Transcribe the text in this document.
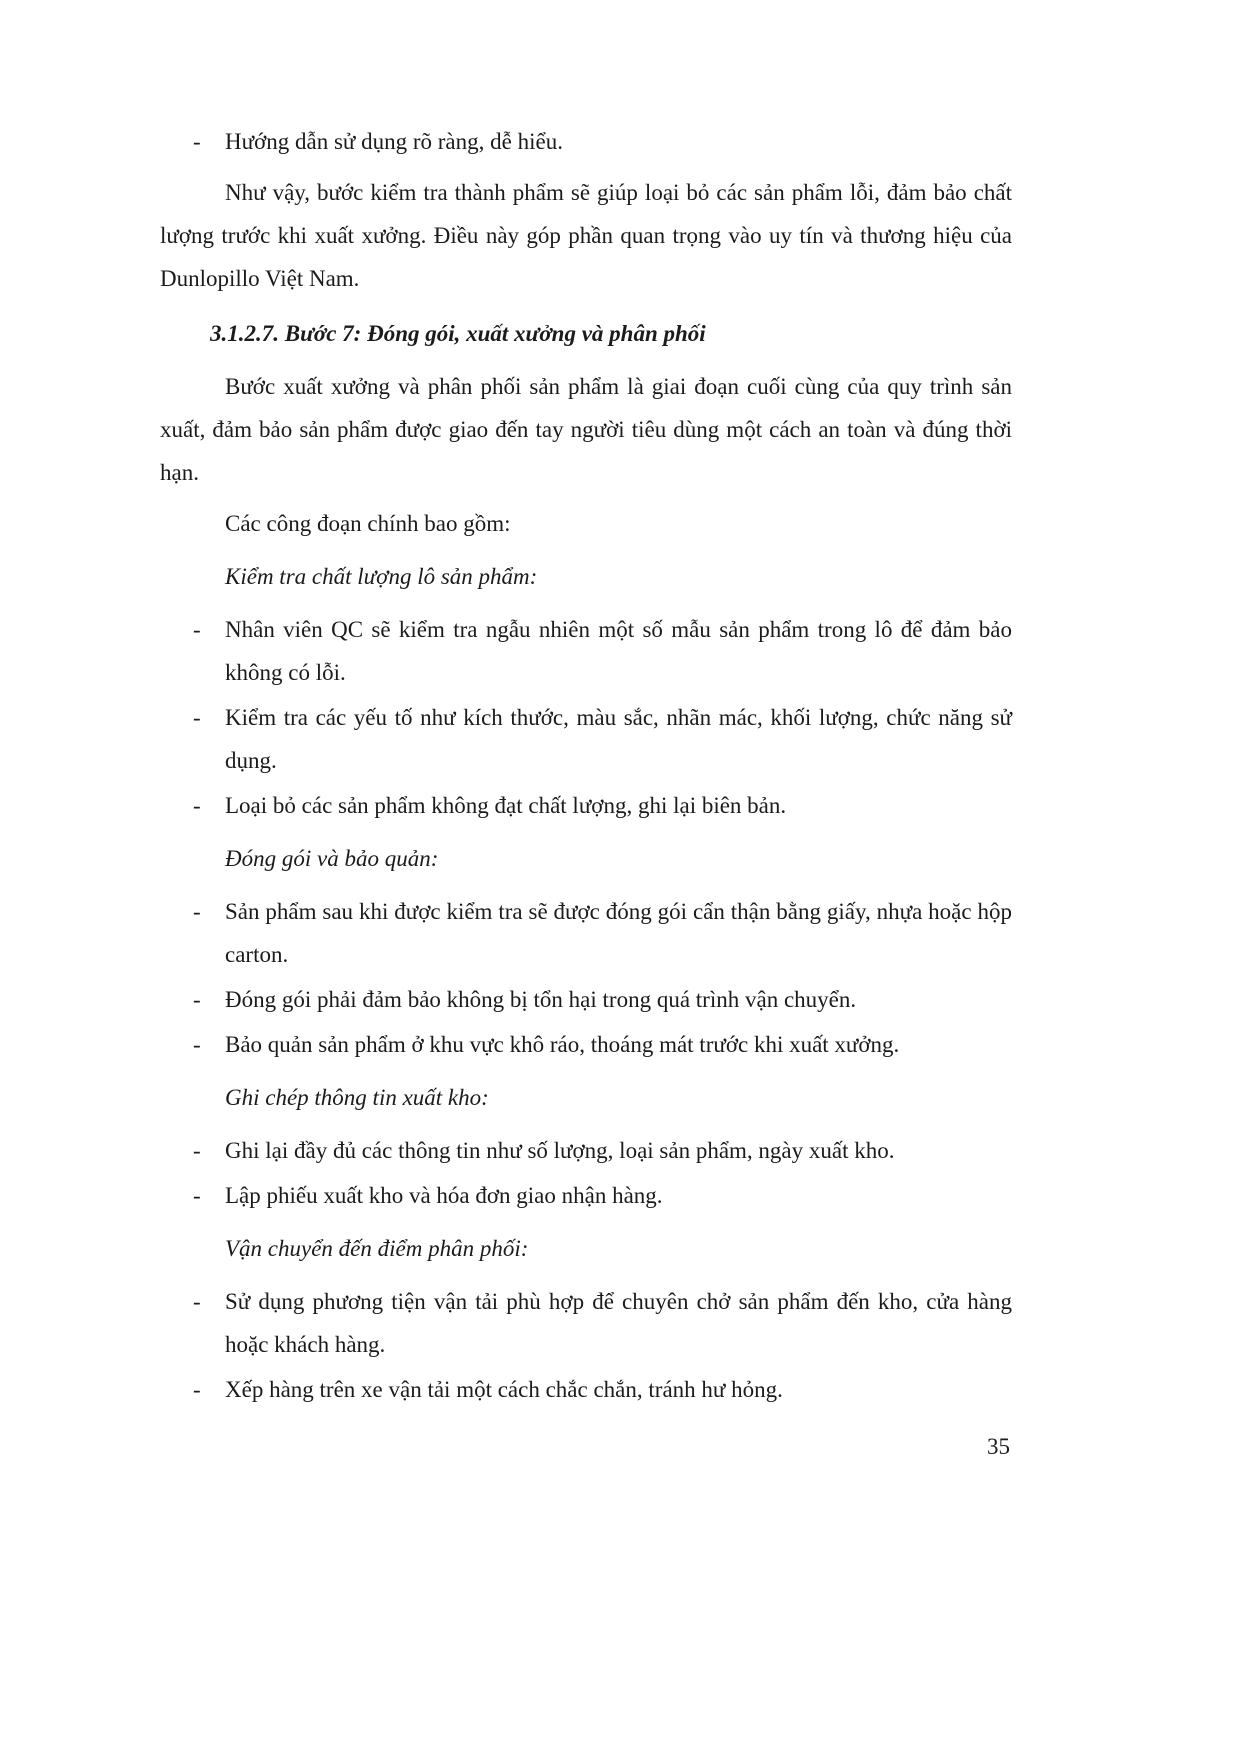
-	Hướng dẫn sử dụng rõ ràng, dễ hiểu.

Như vậy, bước kiểm tra thành phẩm sẽ giúp loại bỏ các sản phẩm lỗi, đảm bảo chất lượng trước khi xuất xưởng. Điều này góp phần quan trọng vào uy tín và thương hiệu của Dunlopillo Việt Nam.

3.1.2.7. Bước 7: Đóng gói, xuất xưởng và phân phối

Bước xuất xưởng và phân phối sản phẩm là giai đoạn cuối cùng của quy trình sản xuất, đảm bảo sản phẩm được giao đến tay người tiêu dùng một cách an toàn và đúng thời hạn.

Các công đoạn chính bao gồm:

Kiểm tra chất lượng lô sản phẩm:
-	Nhân viên QC sẽ kiểm tra ngẫu nhiên một số mẫu sản phẩm trong lô để đảm bảo không có lỗi.
-	Kiểm tra các yếu tố như kích thước, màu sắc, nhãn mác, khối lượng, chức năng sử dụng.
-	Loại bỏ các sản phẩm không đạt chất lượng, ghi lại biên bản.
Đóng gói và bảo quản:
-	Sản phẩm sau khi được kiểm tra sẽ được đóng gói cẩn thận bằng giấy, nhựa hoặc hộp carton.
-	Đóng gói phải đảm bảo không bị tổn hại trong quá trình vận chuyển.
-	Bảo quản sản phẩm ở khu vực khô ráo, thoáng mát trước khi xuất xưởng.
Ghi chép thông tin xuất kho:
-	Ghi lại đầy đủ các thông tin như số lượng, loại sản phẩm, ngày xuất kho.
-	Lập phiếu xuất kho và hóa đơn giao nhận hàng.
Vận chuyển đến điểm phân phối:
-	Sử dụng phương tiện vận tải phù hợp để chuyên chở sản phẩm đến kho, cửa hàng hoặc khách hàng.
-	Xếp hàng trên xe vận tải một cách chắc chắn, tránh hư hỏng.
35
